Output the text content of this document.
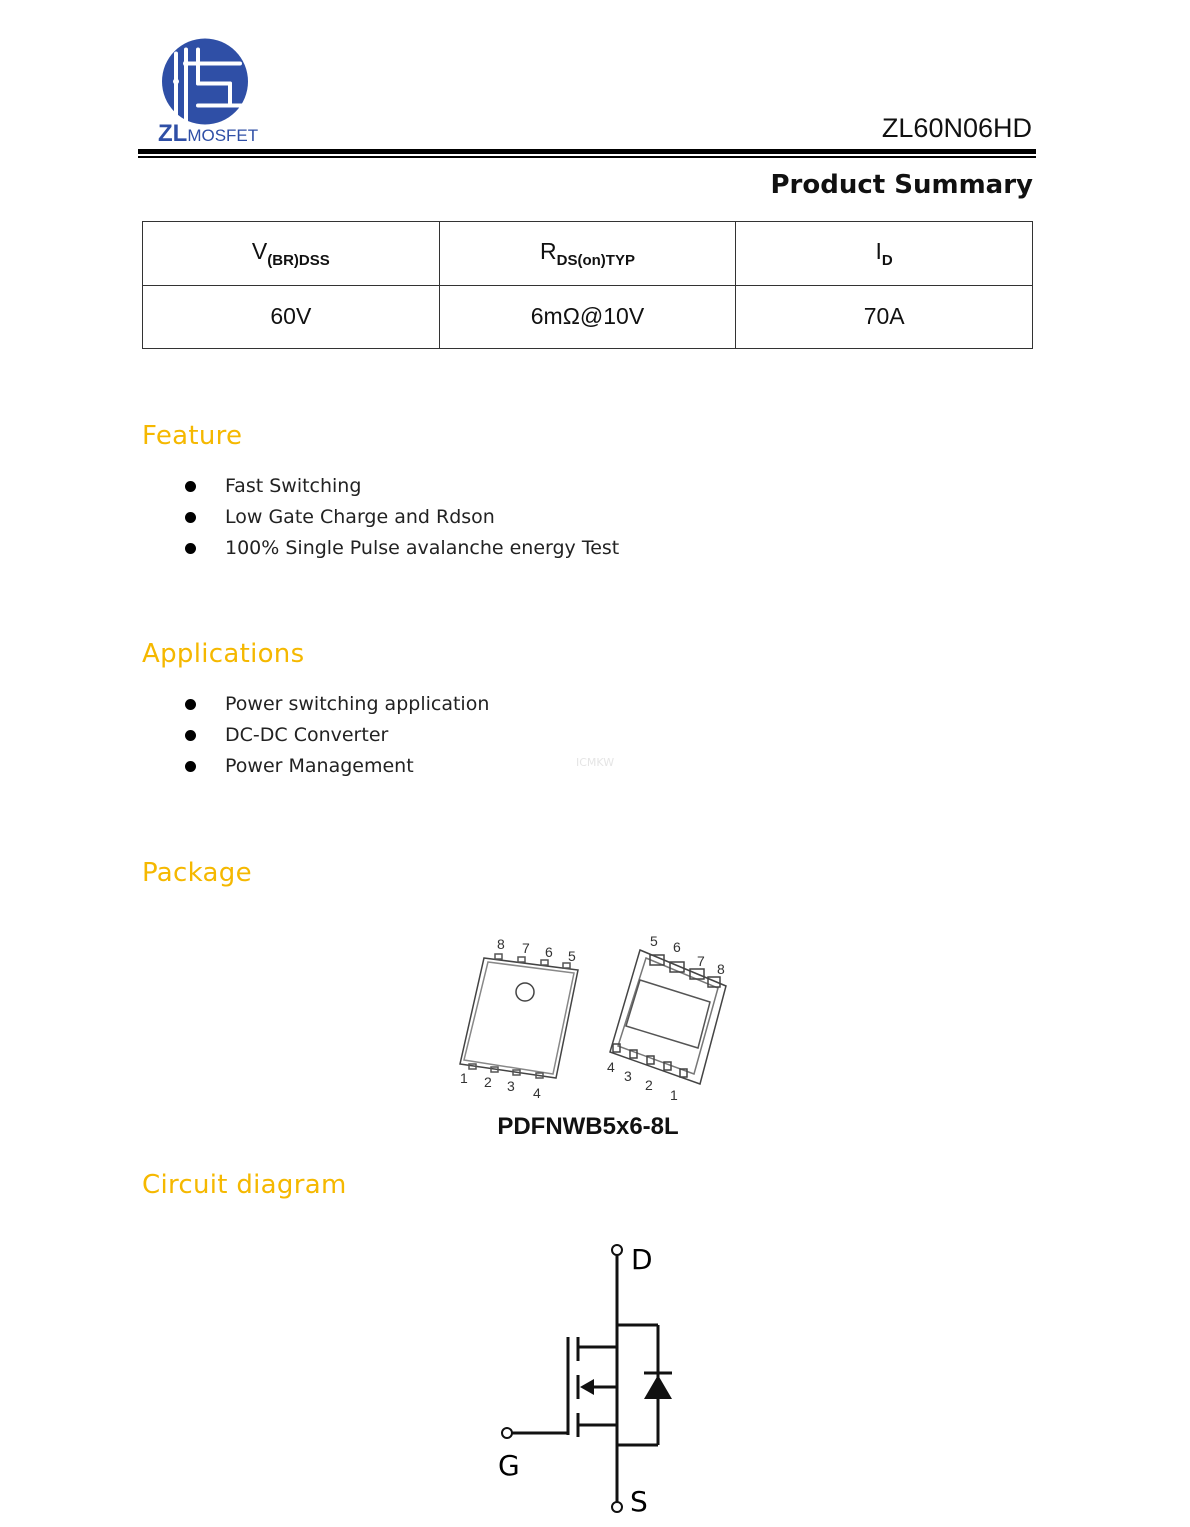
ZLMOSFET	ZL60N06HD
Product Summary
$V_{(BR)DSS}$	$R_{DS(on)TYP}$	$I_D$
60V	6mΩ@10V	70A
Feature
Fast Switching
Low Gate Charge and Rdson
100% Single Pulse avalanche energy Test
Applications
Power switching application
DC-DC Converter
Power Management	ICMKW
Package
8 7 6 5
1 2 3 4
5 6
7 8
4
3
2
1
PDFNWB5x6-8L
Circuit diagram
D
G
S
